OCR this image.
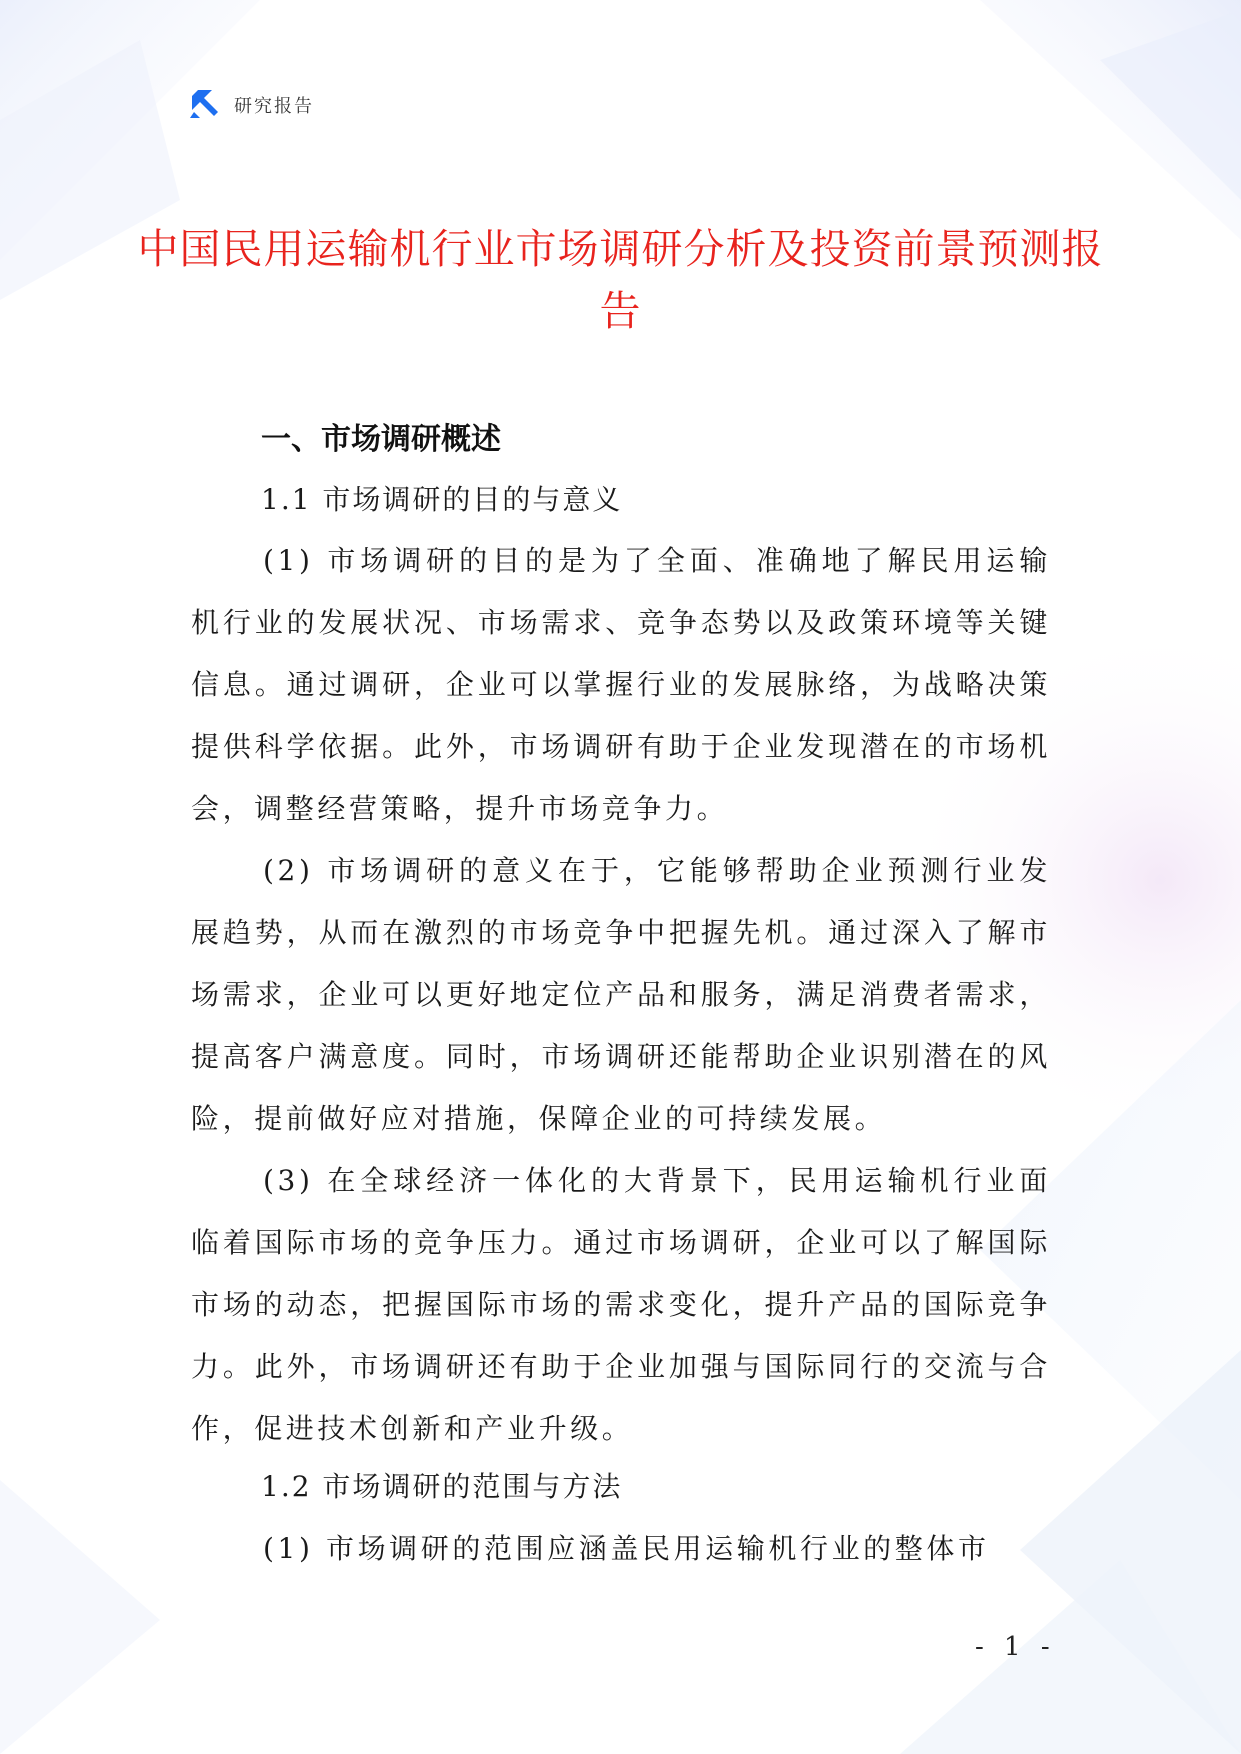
研究报告
中国民用运输机行业市场调研分析及投资前景预测报告
一、市场调研概述
1.1 市场调研的目的与意义
(1) 市场调研的目的是为了全面、准确地了解民用运输机行业的发展状况、市场需求、竞争态势以及政策环境等关键信息。通过调研，企业可以掌握行业的发展脉络，为战略决策提供科学依据。此外，市场调研有助于企业发现潜在的市场机会，调整经营策略，提升市场竞争力。
(2) 市场调研的意义在于，它能够帮助企业预测行业发展趋势，从而在激烈的市场竞争中把握先机。通过深入了解市场需求，企业可以更好地定位产品和服务，满足消费者需求，提高客户满意度。同时，市场调研还能帮助企业识别潜在的风险，提前做好应对措施，保障企业的可持续发展。
(3) 在全球经济一体化的大背景下，民用运输机行业面临着国际市场的竞争压力。通过市场调研，企业可以了解国际市场的动态，把握国际市场的需求变化，提升产品的国际竞争力。此外，市场调研还有助于企业加强与国际同行的交流与合作，促进技术创新和产业升级。
1.2 市场调研的范围与方法
(1) 市场调研的范围应涵盖民用运输机行业的整体市
- 1 -
